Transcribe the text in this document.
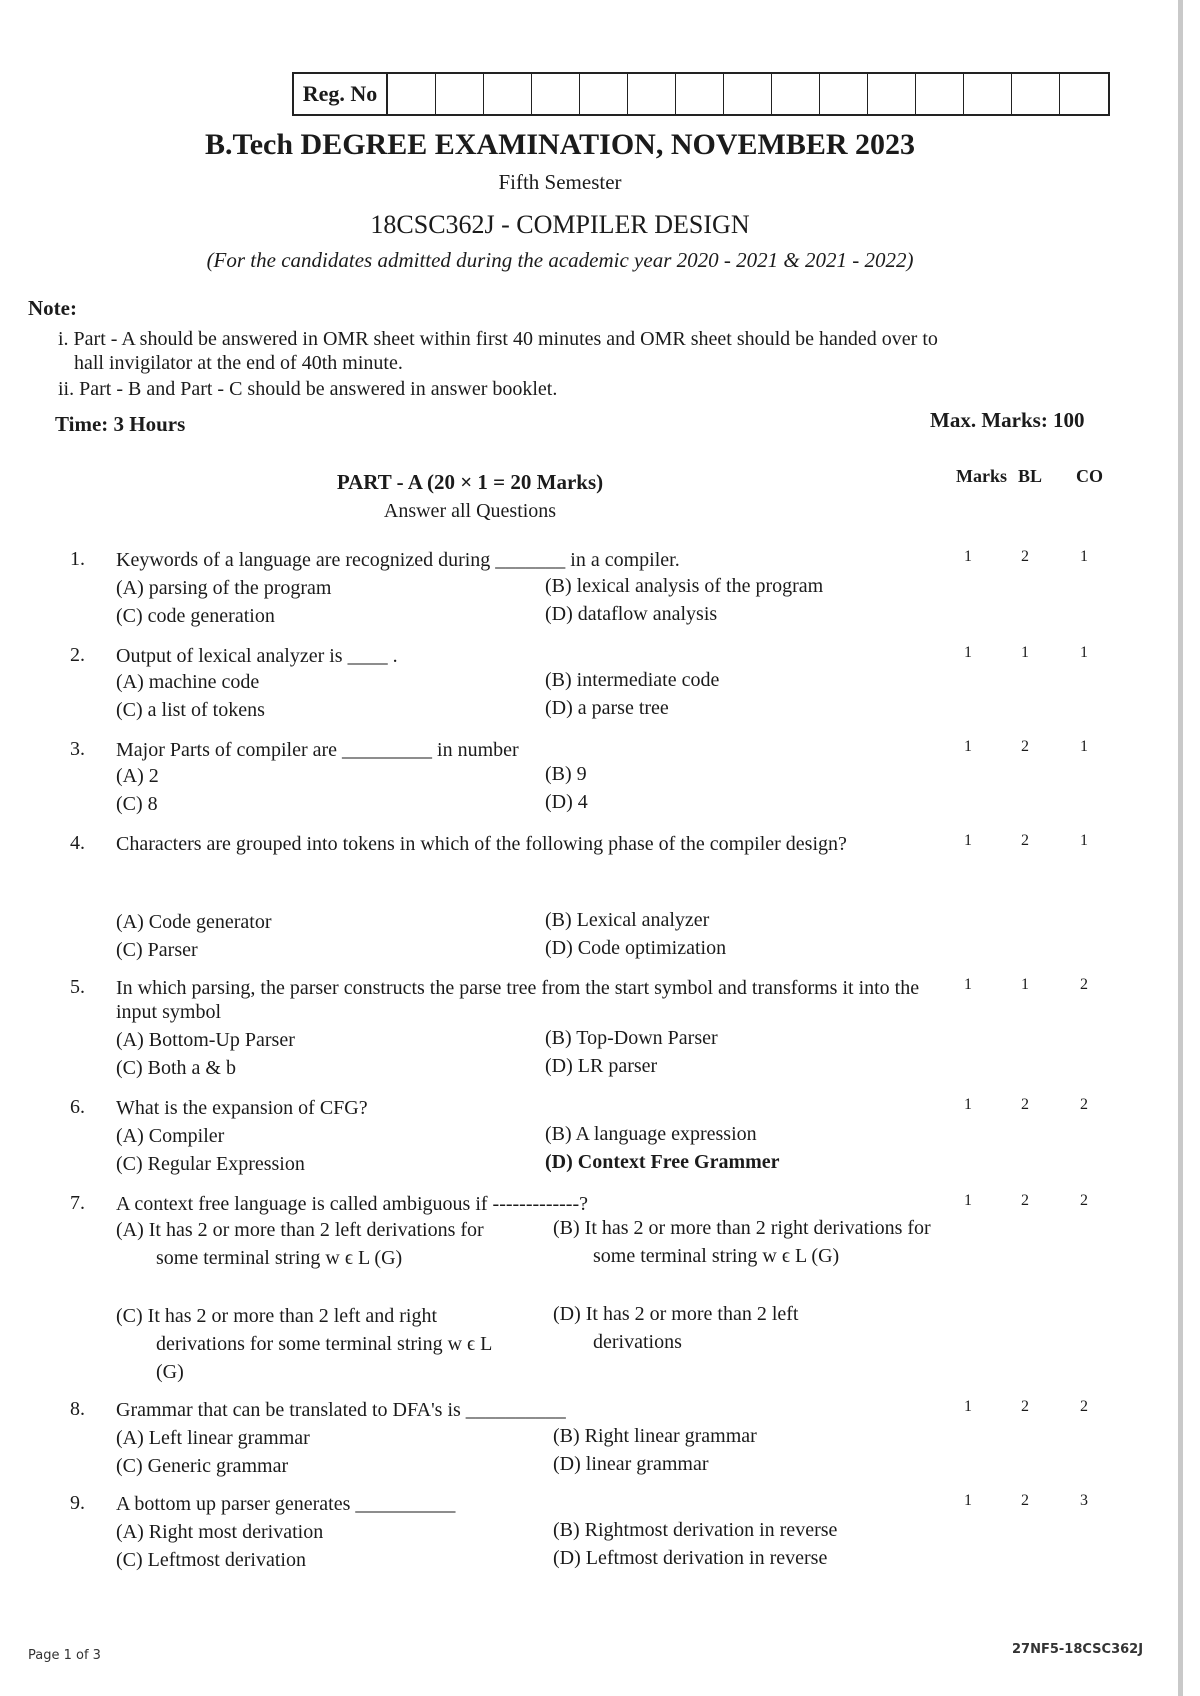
Reg. No
B.Tech DEGREE EXAMINATION, NOVEMBER 2023
Fifth Semester
18CSC362J - COMPILER DESIGN
(For the candidates admitted during the academic year 2020 - 2021 & 2021 - 2022)
Note:
i. Part - A should be answered in OMR sheet within first 40 minutes and OMR sheet should be handed over to
hall invigilator at the end of 40th minute.
ii. Part - B and Part - C should be answered in answer booklet.
Time: 3 Hours	Max. Marks: 100
PART - A (20 × 1 = 20 Marks)
Answer all Questions
Marks BL CO
1. Keywords of a language are recognized during _______ in a compiler.
(A) parsing of the program	(B) lexical analysis of the program
(C) code generation	(D) dataflow analysis
1	2	1
2. Output of lexical analyzer is ____ .
(A) machine code	(B) intermediate code
(C) a list of tokens	(D) a parse tree
1	1	1
3. Major Parts of compiler are _________ in number
(A) 2	(B) 9
(C) 8	(D) 4
1	2	1
4. Characters are grouped into tokens in which of the following phase of the compiler design?
(A) Code generator	(B) Lexical analyzer
(C) Parser	(D) Code optimization
1	2	1
5. In which parsing, the parser constructs the parse tree from the start symbol and transforms it into the input symbol
(A) Bottom-Up Parser	(B) Top-Down Parser
(C) Both a & b	(D) LR parser
1	1	2
6. What is the expansion of CFG?
(A) Compiler	(B) A language expression
(C) Regular Expression	(D) Context Free Grammer
1	2	2
7. A context free language is called ambiguous if -------------?
(A) It has 2 or more than 2 left derivations for some terminal string w ϵ L (G)
(B) It has 2 or more than 2 right derivations for some terminal string w ϵ L (G)
(C) It has 2 or more than 2 left and right derivations for some terminal string w ϵ L (G)
(D) It has 2 or more than 2 left derivations
1	2	2
8. Grammar that can be translated to DFA's is __________
(A) Left linear grammar	(B) Right linear grammar
(C) Generic grammar	(D) linear grammar
1	2	2
9. A bottom up parser generates __________
(A) Right most derivation	(B) Rightmost derivation in reverse
(C) Leftmost derivation	(D) Leftmost derivation in reverse
1	2	3
Page 1 of 3	27NF5-18CSC362J
